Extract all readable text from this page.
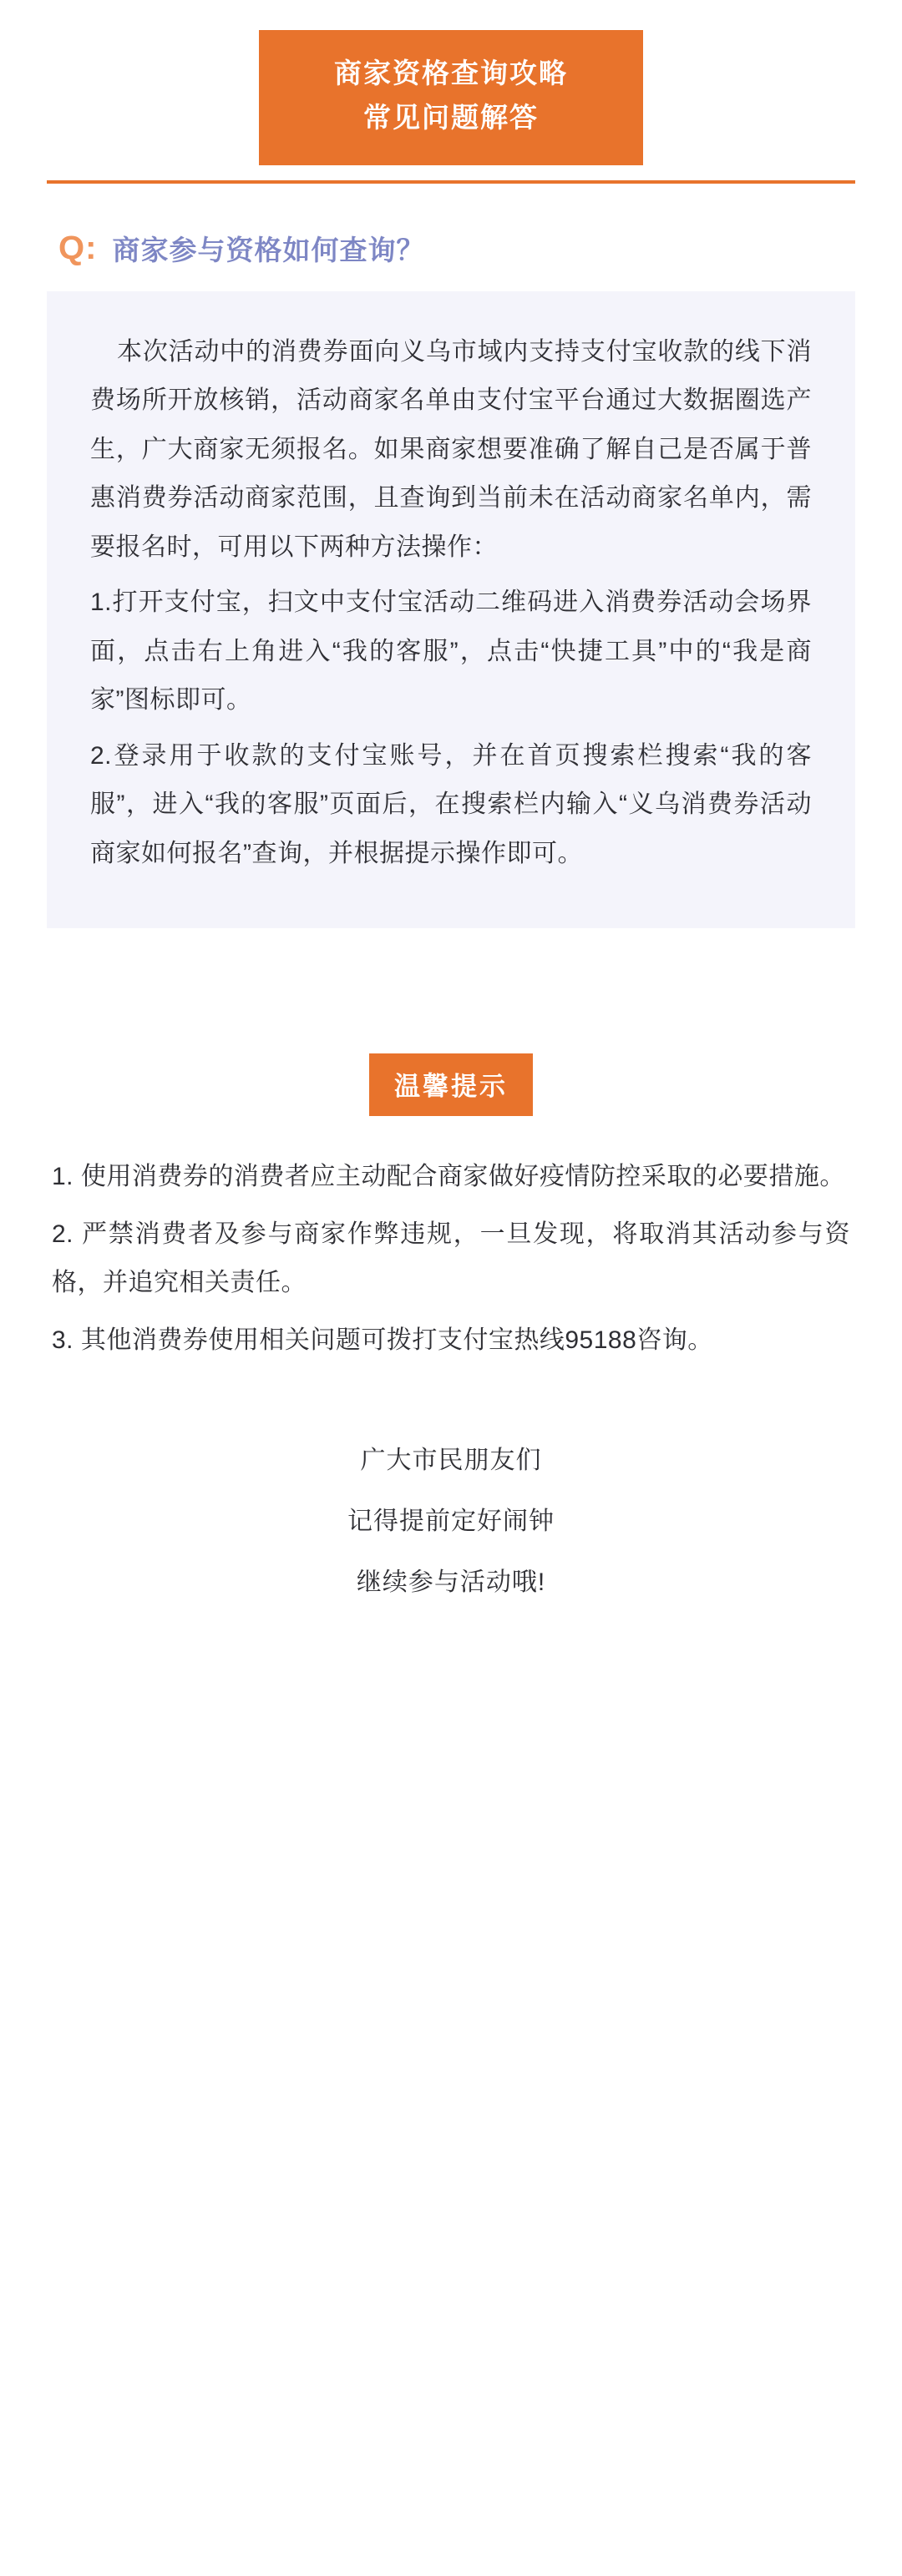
商家资格查询攻略
常见问题解答
Q: 商家参与资格如何查询？

本次活动中的消费券面向义乌市域内支持支付宝收款的线下消费场所开放核销，活动商家名单由支付宝平台通过大数据圈选产生，广大商家无须报名。如果商家想要准确了解自己是否属于普惠消费券活动商家范围，且查询到当前未在活动商家名单内，需要报名时，可用以下两种方法操作：

1.打开支付宝，扫文中支付宝活动二维码进入消费券活动会场界面，点击右上角进入“我的客服”，点击“快捷工具”中的“我是商家”图标即可。

2.登录用于收款的支付宝账号，并在首页搜索栏搜索“我的客服”，进入“我的客服”页面后，在搜索栏内输入“义乌消费券活动商家如何报名”查询，并根据提示操作即可。

温馨提示

1. 使用消费券的消费者应主动配合商家做好疫情防控采取的必要措施。

2. 严禁消费者及参与商家作弊违规，一旦发现，将取消其活动参与资格，并追究相关责任。

3. 其他消费券使用相关问题可拨打支付宝热线95188咨询。

广大市民朋友们

记得提前定好闹钟

继续参与活动哦!
